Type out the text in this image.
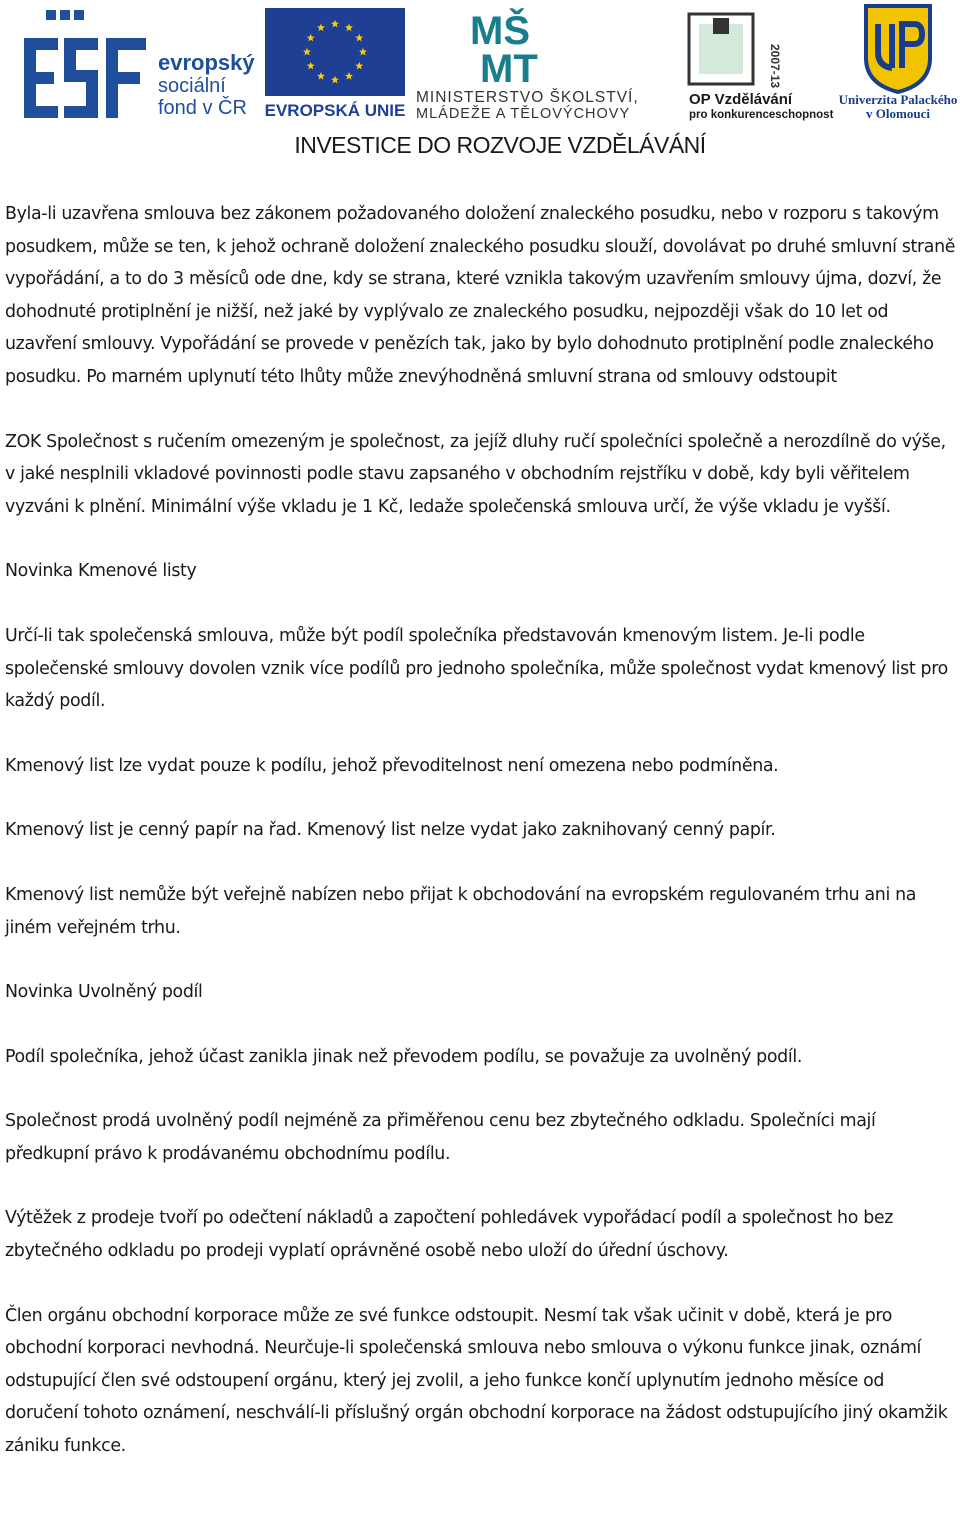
evropský
sociální
fond v ČR EVROPSKÁ UNIE
MŠ
MT
MINISTERSTVO ŠKOLSTVÍ,
MLÁDEŽE A TĚLOVÝCHOVY
2007-13
OP Vzdělávání
pro konkurenceschopnost
Univerzita Palackého
v Olomouci
INVESTICE DO ROZVOJE VZDĚLÁVÁNÍ

Byla-li uzavřena smlouva bez zákonem požadovaného doložení znaleckého posudku, nebo v rozporu s takovým posudkem, může se ten, k jehož ochraně doložení znaleckého posudku slouží, dovolávat po druhé smluvní straně vypořádání, a to do 3 měsíců ode dne, kdy se strana, které vznikla takovým uzavřením smlouvy újma, dozví, že dohodnuté protiplnění je nižší, než jaké by vyplývalo ze znaleckého posudku, nejpozději však do 10 let od uzavření smlouvy. Vypořádání se provede v penězích tak, jako by bylo dohodnuto protiplnění podle znaleckého posudku. Po marném uplynutí této lhůty může znevýhodněná smluvní strana od smlouvy odstoupit

ZOK Společnost s ručením omezeným je společnost, za jejíž dluhy ručí společníci společně a nerozdílně do výše, v jaké nesplnili vkladové povinnosti podle stavu zapsaného v obchodním rejstříku v době, kdy byli věřitelem vyzváni k plnění. Minimální výše vkladu je 1 Kč, ledaže společenská smlouva určí, že výše vkladu je vyšší.

Novinka Kmenové listy

Určí-li tak společenská smlouva, může být podíl společníka představován kmenovým listem. Je-li podle společenské smlouvy dovolen vznik více podílů pro jednoho společníka, může společnost vydat kmenový list pro každý podíl.

Kmenový list lze vydat pouze k podílu, jehož převoditelnost není omezena nebo podmíněna.

Kmenový list je cenný papír na řad. Kmenový list nelze vydat jako zaknihovaný cenný papír.

Kmenový list nemůže být veřejně nabízen nebo přijat k obchodování na evropském regulovaném trhu ani na jiném veřejném trhu.

Novinka Uvolněný podíl

Podíl společníka, jehož účast zanikla jinak než převodem podílu, se považuje za uvolněný podíl.

Společnost prodá uvolněný podíl nejméně za přiměřenou cenu bez zbytečného odkladu. Společníci mají předkupní právo k prodávanému obchodnímu podílu.

Výtěžek z prodeje tvoří po odečtení nákladů a započtení pohledávek vypořádací podíl a společnost ho bez zbytečného odkladu po prodeji vyplatí oprávněné osobě nebo uloží do úřední úschovy.

Člen orgánu obchodní korporace může ze své funkce odstoupit. Nesmí tak však učinit v době, která je pro obchodní korporaci nevhodná. Neurčuje-li společenská smlouva nebo smlouva o výkonu funkce jinak, oznámí odstupující člen své odstoupení orgánu, který jej zvolil, a jeho funkce končí uplynutím jednoho měsíce od doručení tohoto oznámení, neschválí-li příslušný orgán obchodní korporace na žádost odstupujícího jiný okamžik zániku funkce.
